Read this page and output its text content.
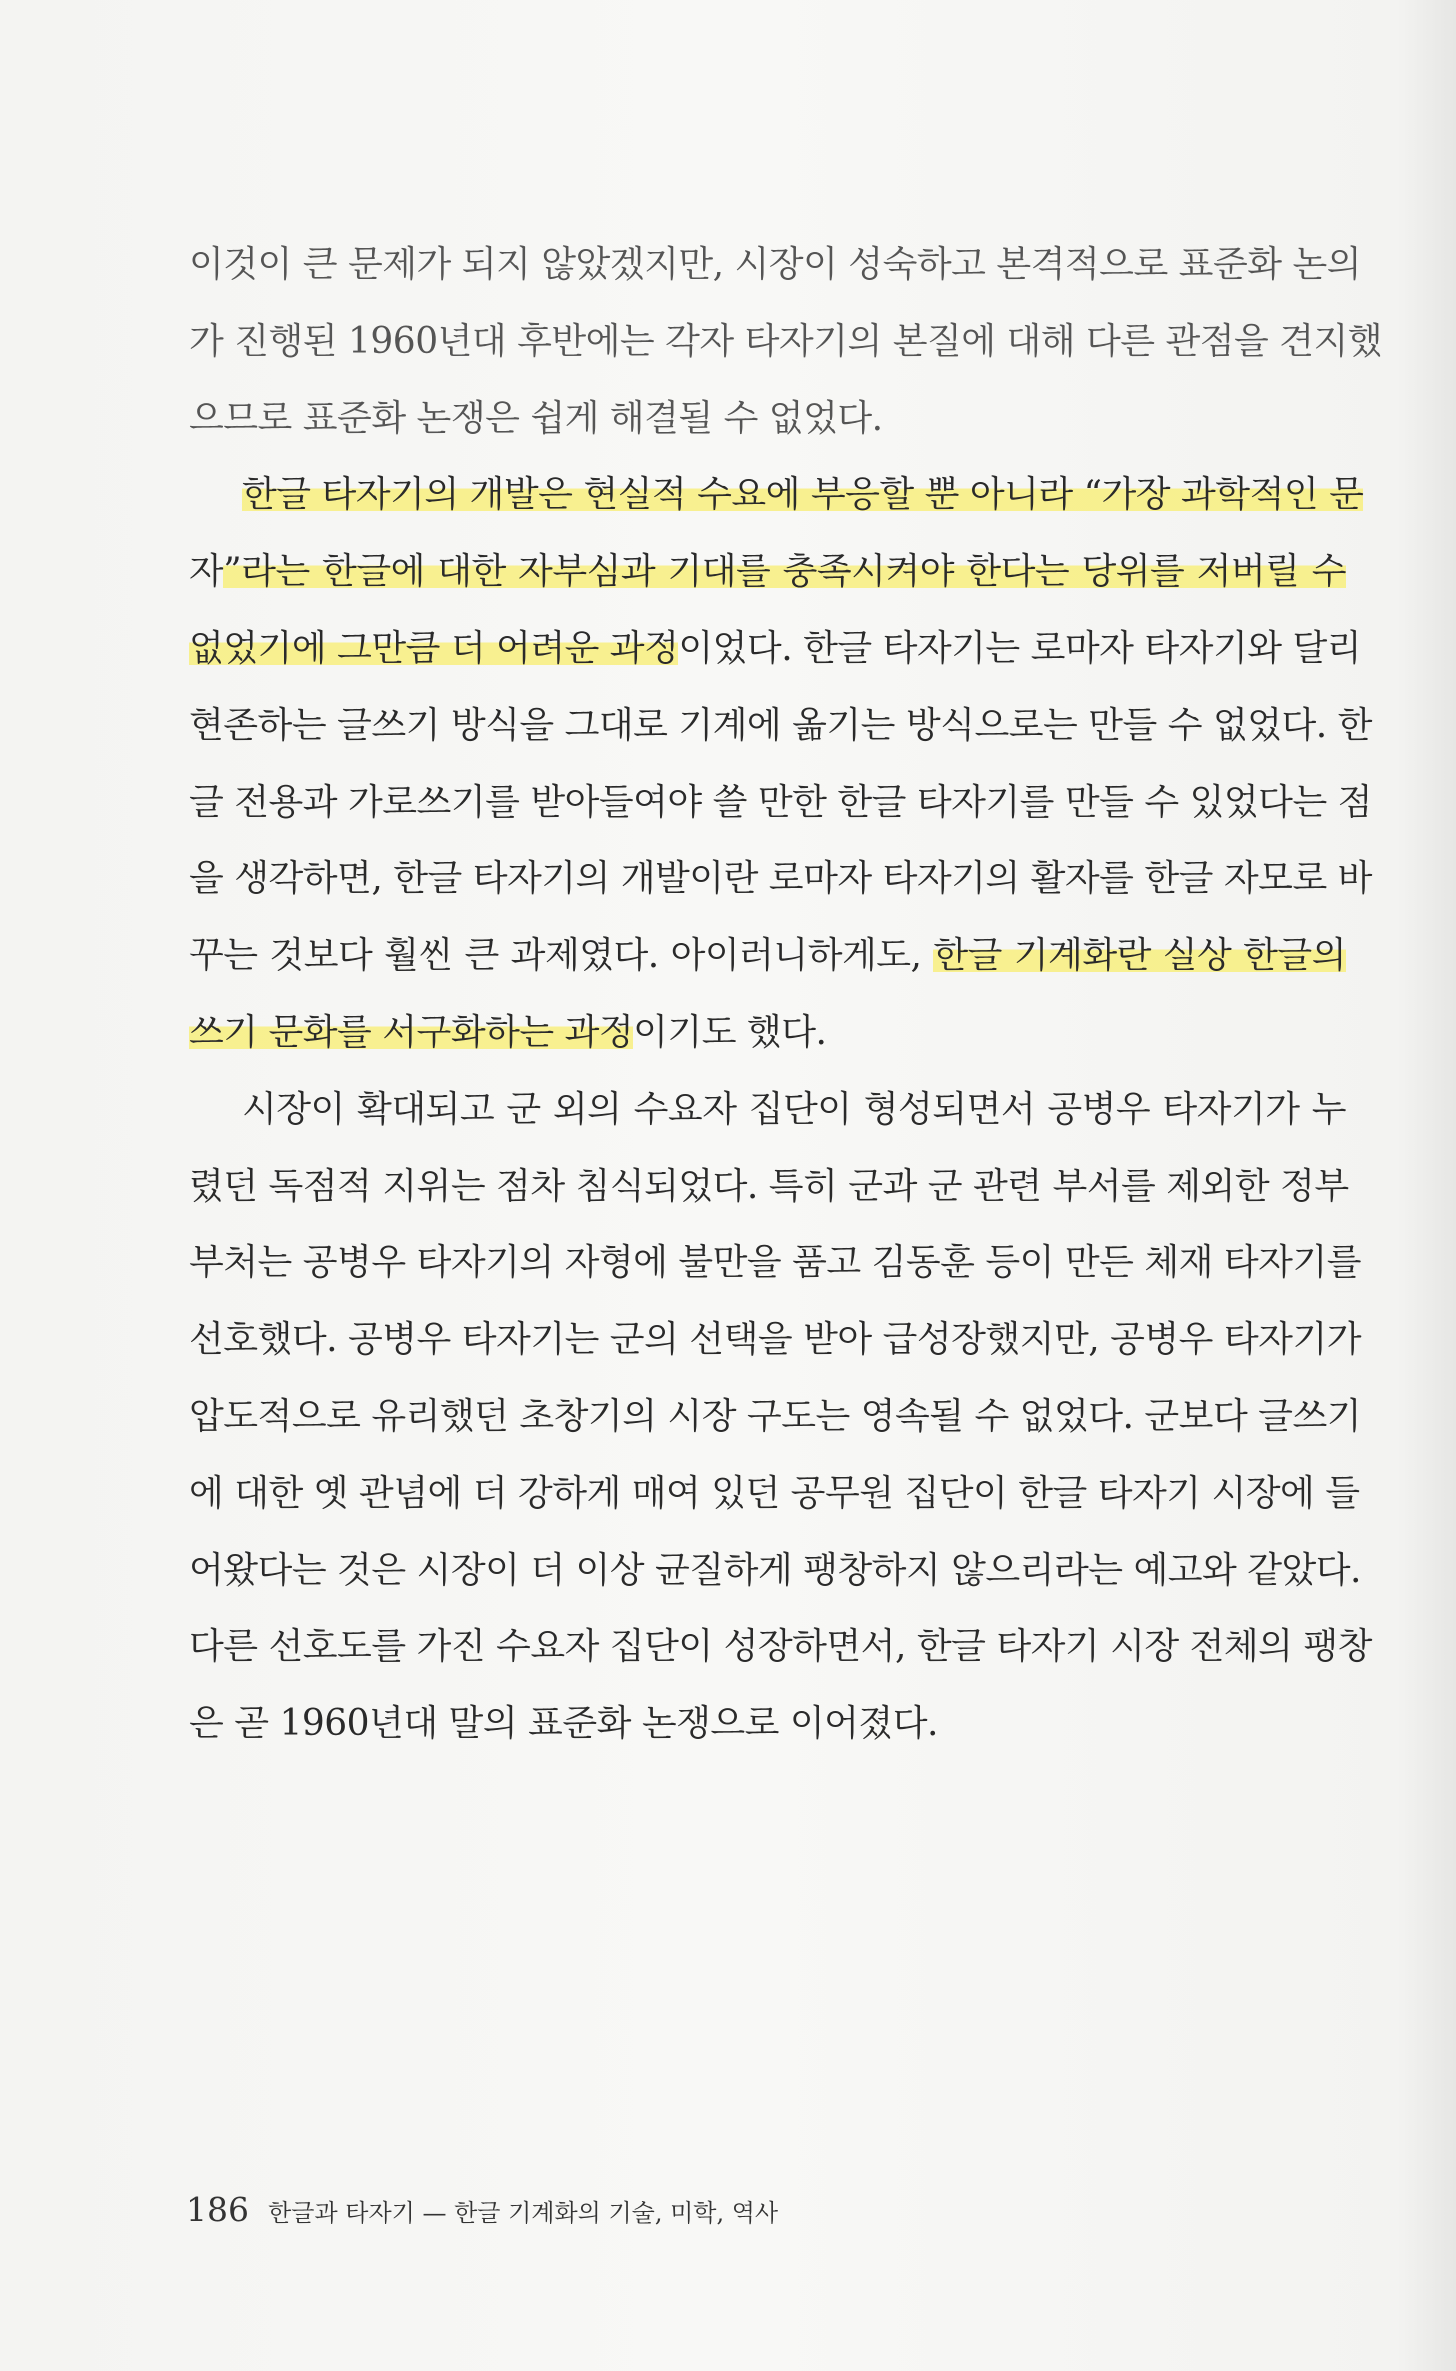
이것이 큰 문제가 되지 않았겠지만, 시장이 성숙하고 본격적으로 표준화 논의
가 진행된 1960년대 후반에는 각자 타자기의 본질에 대해 다른 관점을 견지했
으므로 표준화 논쟁은 쉽게 해결될 수 없었다.
한글 타자기의 개발은 현실적 수요에 부응할 뿐 아니라 “가장 과학적인 문
자”라는 한글에 대한 자부심과 기대를 충족시켜야 한다는 당위를 저버릴 수
없었기에 그만큼 더 어려운 과정이었다. 한글 타자기는 로마자 타자기와 달리
현존하는 글쓰기 방식을 그대로 기계에 옮기는 방식으로는 만들 수 없었다. 한
글 전용과 가로쓰기를 받아들여야 쓸 만한 한글 타자기를 만들 수 있었다는 점
을 생각하면, 한글 타자기의 개발이란 로마자 타자기의 활자를 한글 자모로 바
꾸는 것보다 훨씬 큰 과제였다. 아이러니하게도, 한글 기계화란 실상 한글의
쓰기 문화를 서구화하는 과정이기도 했다.
시장이 확대되고 군 외의 수요자 집단이 형성되면서 공병우 타자기가 누
렸던 독점적 지위는 점차 침식되었다. 특히 군과 군 관련 부서를 제외한 정부
부처는 공병우 타자기의 자형에 불만을 품고 김동훈 등이 만든 체재 타자기를
선호했다. 공병우 타자기는 군의 선택을 받아 급성장했지만, 공병우 타자기가
압도적으로 유리했던 초창기의 시장 구도는 영속될 수 없었다. 군보다 글쓰기
에 대한 옛 관념에 더 강하게 매여 있던 공무원 집단이 한글 타자기 시장에 들
어왔다는 것은 시장이 더 이상 균질하게 팽창하지 않으리라는 예고와 같았다.
다른 선호도를 가진 수요자 집단이 성장하면서, 한글 타자기 시장 전체의 팽창
은 곧 1960년대 말의 표준화 논쟁으로 이어졌다.
186 한글과 타자기 — 한글 기계화의 기술, 미학, 역사
